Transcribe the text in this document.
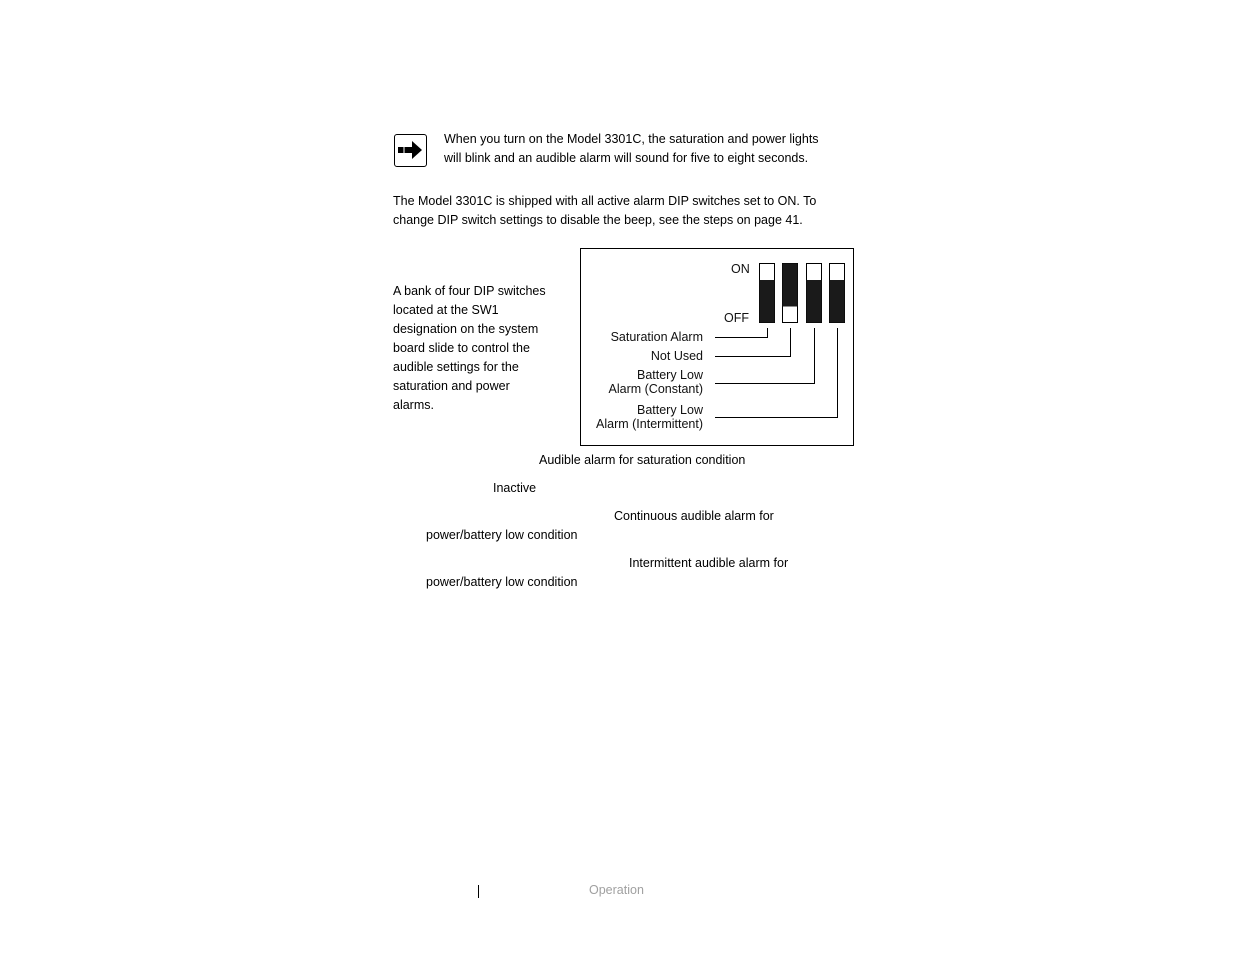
When you turn on the Model 3301C, the saturation and power lights
will blink and an audible alarm will sound for five to eight seconds.
The Model 3301C is shipped with all active alarm DIP switches set to ON. To
change DIP switch settings to disable the beep, see the steps on page 41.
A bank of four DIP switches
located at the SW1
designation on the system
board slide to control the
audible settings for the
saturation and power
alarms.
ON
OFF
Saturation Alarm
Not Used
Battery Low
Alarm (Constant)
Battery Low
Alarm (Intermittent)
Audible alarm for saturation condition
Inactive
Continuous audible alarm for
power/battery low condition
Intermittent audible alarm for
power/battery low condition
Operation
